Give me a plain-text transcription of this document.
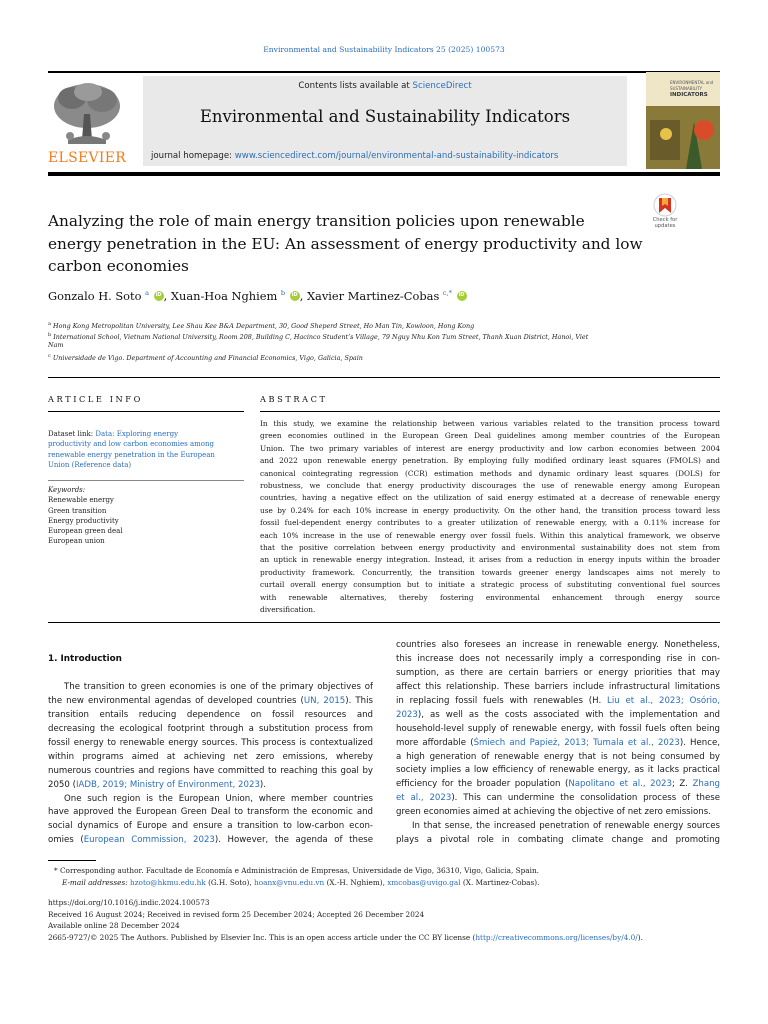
Environmental and Sustainability Indicators 25 (2025) 100573
ELSEVIER
Contents lists available at ScienceDirect
Environmental and Sustainability Indicators
journal homepage: www.sciencedirect.com/journal/environmental-and-sustainability-indicators
ENVIRONMENTAL and
SUSTAINABILITY
INDICATORS
Analyzing the role of main energy transition policies upon renewable
energy penetration in the EU: An assessment of energy productivity and low
carbon economies
Check for
updates
Gonzalo H. Soto $^a$ iD , Xuan-Hoa Nghiem $^b$ iD , Xavier Martinez-Cobas $^{c,*}$ iD
$^a$ Hong Kong Metropolitan University, Lee Shau Kee B&A Department, 30, Good Sheperd Street, Ho Man Tin, Kowloon, Hong Kong
$^b$ International School, Vietnam National University, Room 208, Building C, Hacinco Student’s Village, 79 Nguy Nhu Kon Tum Street, Thanh Xuan District, Hanoi, Viet
Nam
$^c$ Universidade de Vigo. Department of Accounting and Financial Economics, Vigo, Galicia, Spain
ARTICLE INFO
Dataset link: Data: Exploring energy
productivity and low carbon economies among
renewable energy penetration in the European
Union (Reference data)
Keywords:
Renewable energy
Green transition
Energy productivity
European green deal
European union
ABSTRACT
In this study, we examine the relationship between various variables related to the transition process toward
green economies outlined in the European Green Deal guidelines among member countries of the European
Union. The two primary variables of interest are energy productivity and low carbon economies between 2004
and 2022 upon renewable energy penetration. By employing fully modified ordinary least squares (FMOLS) and
canonical cointegrating regression (CCR) estimation methods and dynamic ordinary least squares (DOLS) for
robustness, we conclude that energy productivity discourages the use of renewable energy among European
countries, having a negative effect on the utilization of said energy estimated at a decrease of renewable energy
use by 0.24% for each 10% increase in energy productivity. On the other hand, the transition process toward less
fossil fuel-dependent energy contributes to a greater utilization of renewable energy, with a 0.11% increase for
each 10% increase in the use of renewable energy over fossil fuels. Within this analytical framework, we observe
that the positive correlation between energy productivity and environmental sustainability does not stem from
an uptick in renewable energy integration. Instead, it arises from a reduction in energy inputs within the broader
productivity framework. Concurrently, the transition towards greener energy landscapes aims not merely to
curtail overall energy consumption but to initiate a strategic process of substituting conventional fuel sources
with renewable alternatives, thereby fostering environmental enhancement through energy source
diversification.
1. Introduction
The transition to green economies is one of the primary objectives of
the new environmental agendas of developed countries (UN, 2015). This
transition entails reducing dependence on fossil resources and
decreasing the ecological footprint through a substitution process from
fossil energy to renewable energy sources. This process is contextualized
within programs aimed at achieving net zero emissions, whereby
numerous countries and regions have committed to reaching this goal by
2050 (IADB, 2019; Ministry of Environment, 2023).
One such region is the European Union, where member countries
have approved the European Green Deal to transform the economic and
social dynamics of Europe and ensure a transition to low-carbon econ-
omies (European Commission, 2023). However, the agenda of these
countries also foresees an increase in renewable energy. Nonetheless,
this increase does not necessarily imply a corresponding rise in con-
sumption, as there are certain barriers or energy priorities that may
affect this relationship. These barriers include infrastructural limitations
in replacing fossil fuels with renewables (H. Liu et al., 2023; Osório,
2023), as well as the costs associated with the implementation and
household-level supply of renewable energy, with fossil fuels often being
more affordable (Śmiech and Papież, 2013; Tumala et al., 2023). Hence,
a high generation of renewable energy that is not being consumed by
society implies a low efficiency of renewable energy, as it lacks practical
efficiency for the broader population (Napolitano et al., 2023; Z. Zhang
et al., 2023). This can undermine the consolidation process of these
green economies aimed at achieving the objective of net zero emissions.
In that sense, the increased penetration of renewable energy sources
plays a pivotal role in combating climate change and promoting
* Corresponding author. Facultade de Economía e Administración de Empresas, Universidade de Vigo, 36310, Vigo, Galicia, Spain.
E-mail addresses: hzoto@hkmu.edu.hk (G.H. Soto), hoanx@vnu.edu.vn (X.-H. Nghiem), xmcobas@uvigo.gal (X. Martinez-Cobas).
https://doi.org/10.1016/j.indic.2024.100573
Received 16 August 2024; Received in revised form 25 December 2024; Accepted 26 December 2024
Available online 28 December 2024
2665-9727/© 2025 The Authors. Published by Elsevier Inc. This is an open access article under the CC BY license (http://creativecommons.org/licenses/by/4.0/).
